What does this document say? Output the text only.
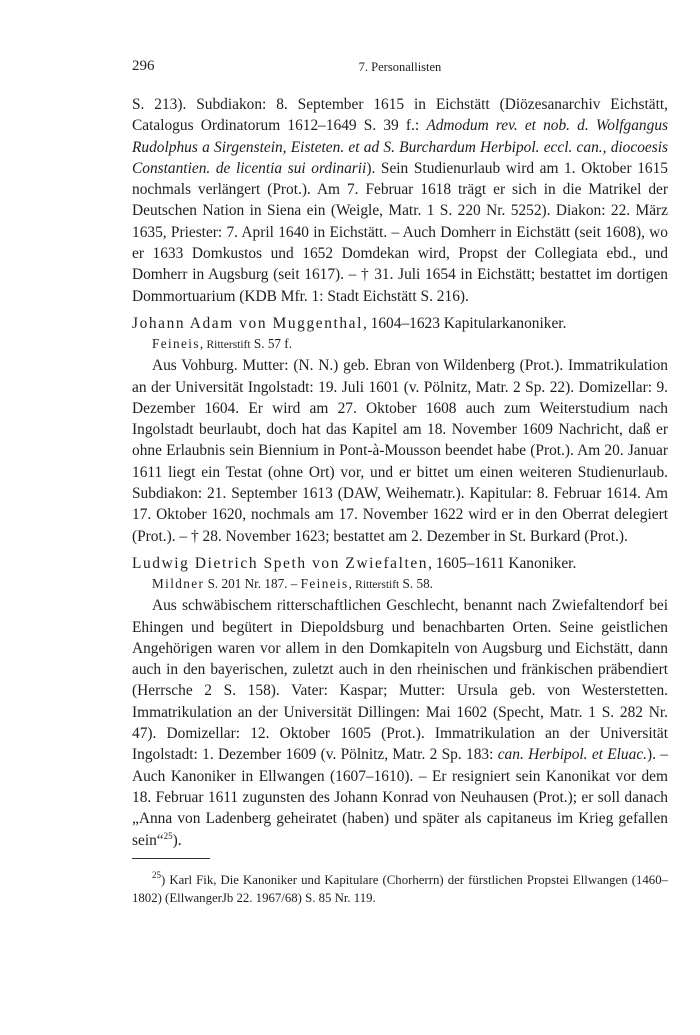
296	7. Personallisten

S. 213). Subdiakon: 8. September 1615 in Eichstätt (Diözesanarchiv Eichstätt, Catalogus Ordinatorum 1612–1649 S. 39 f.: Admodum rev. et nob. d. Wolfgangus Rudolphus a Sirgenstein, Eisteten. et ad S. Burchardum Herbipol. eccl. can., diocoesis Constantien. de licentia sui ordinarii). Sein Studienurlaub wird am 1. Oktober 1615 nochmals verlängert (Prot.). Am 7. Februar 1618 trägt er sich in die Matrikel der Deutschen Nation in Siena ein (Weigle, Matr. 1 S. 220 Nr. 5252). Diakon: 22. März 1635, Priester: 7. April 1640 in Eichstätt. – Auch Domherr in Eichstätt (seit 1608), wo er 1633 Domkustos und 1652 Domdekan wird, Propst der Collegiata ebd., und Domherr in Augsburg (seit 1617). – † 31. Juli 1654 in Eichstätt; bestattet im dortigen Dommortuarium (KDB Mfr. 1: Stadt Eichstätt S. 216).

Johann Adam von Muggenthal, 1604–1623 Kapitularkanoniker.
Feineis, Ritterstift S. 57 f.

Aus Vohburg. Mutter: (N. N.) geb. Ebran von Wildenberg (Prot.). Immatrikulation an der Universität Ingolstadt: 19. Juli 1601 (v. Pölnitz, Matr. 2 Sp. 22). Domizellar: 9. Dezember 1604. Er wird am 27. Oktober 1608 auch zum Weiterstudium nach Ingolstadt beurlaubt, doch hat das Kapitel am 18. November 1609 Nachricht, daß er ohne Erlaubnis sein Biennium in Pont-à-Mousson beendet habe (Prot.). Am 20. Januar 1611 liegt ein Testat (ohne Ort) vor, und er bittet um einen weiteren Studienurlaub. Subdiakon: 21. September 1613 (DAW, Weihematr.). Kapitular: 8. Februar 1614. Am 17. Oktober 1620, nochmals am 17. November 1622 wird er in den Oberrat delegiert (Prot.). – † 28. November 1623; bestattet am 2. Dezember in St. Burkard (Prot.).

Ludwig Dietrich Speth von Zwiefalten, 1605–1611 Kanoniker.
Mildner S. 201 Nr. 187. – Feineis, Ritterstift S. 58.

Aus schwäbischem ritterschaftlichen Geschlecht, benannt nach Zwiefaltendorf bei Ehingen und begütert in Diepoldsburg und benachbarten Orten. Seine geistlichen Angehörigen waren vor allem in den Domkapiteln von Augsburg und Eichstätt, dann auch in den bayerischen, zuletzt auch in den rheinischen und fränkischen präbendiert (Herrsche 2 S. 158). Vater: Kaspar; Mutter: Ursula geb. von Westerstetten. Immatrikulation an der Universität Dillingen: Mai 1602 (Specht, Matr. 1 S. 282 Nr. 47). Domizellar: 12. Oktober 1605 (Prot.). Immatrikulation an der Universität Ingolstadt: 1. Dezember 1609 (v. Pölnitz, Matr. 2 Sp. 183: can. Herbipol. et Eluac.). – Auch Kanoniker in Ellwangen (1607–1610). – Er resigniert sein Kanonikat vor dem 18. Februar 1611 zugunsten des Johann Konrad von Neuhausen (Prot.); er soll danach „Anna von Ladenberg geheiratet (haben) und später als capitaneus im Krieg gefallen sein“$^{25}$).

$^{25}$) Karl Fik, Die Kanoniker und Kapitulare (Chorherrn) der fürstlichen Propstei Ellwangen (1460–1802) (EllwangerJb 22. 1967/68) S. 85 Nr. 119.
